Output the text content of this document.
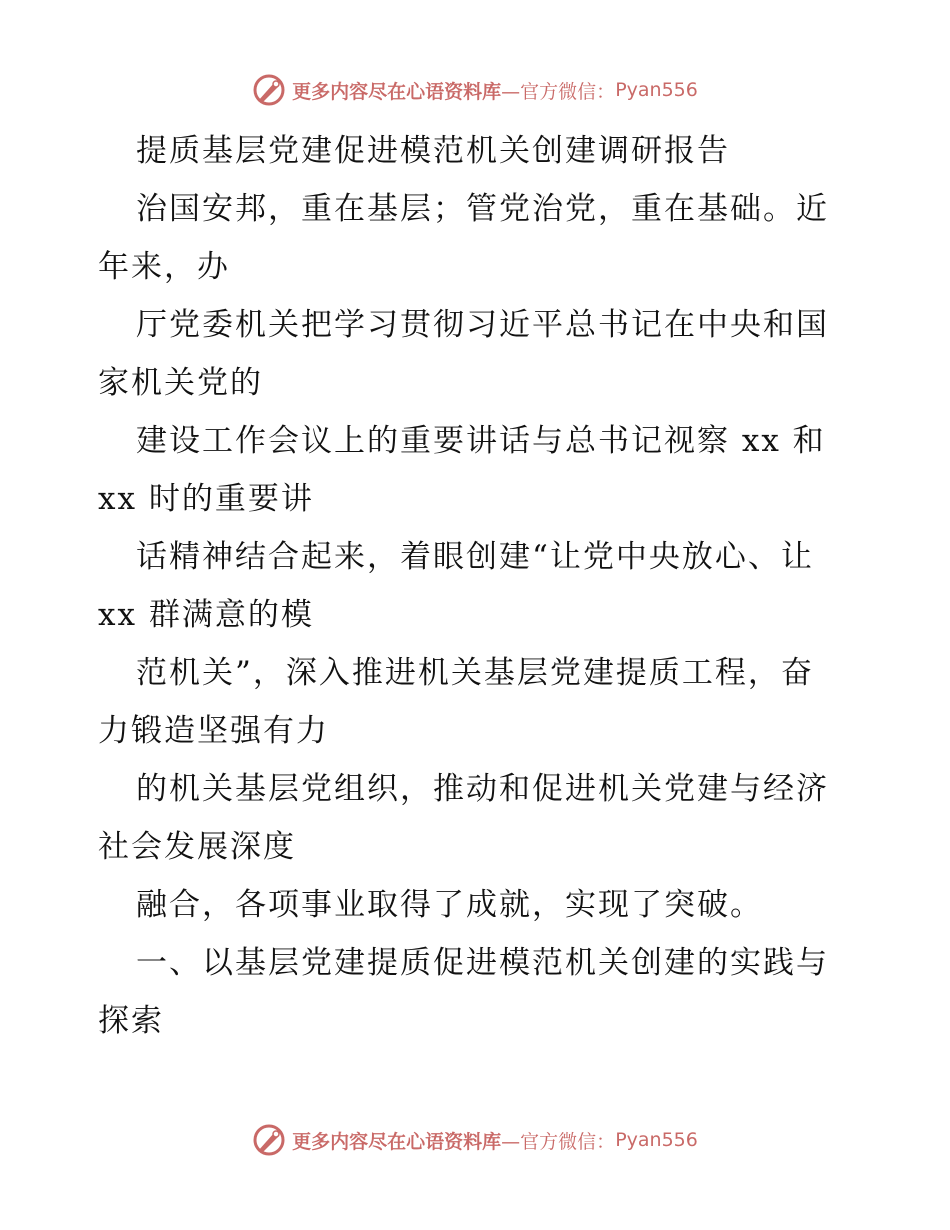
更多内容尽在心语资料库 —官方微信： Pyan556
提质基层党建促进模范机关创建调研报告
治国安邦，重在基层；管党治党，重在基础。近
年来，办
厅党委机关把学习贯彻习近平总书记在中央和国
家机关党的
建设工作会议上的重要讲话与总书记视察 xx 和
xx 时的重要讲
话精神结合起来，着眼创建“让党中央放心、让
xx 群满意的模
范机关”，深入推进机关基层党建提质工程，奋
力锻造坚强有力
的机关基层党组织，推动和促进机关党建与经济
社会发展深度
融合，各项事业取得了成就，实现了突破。
一、以基层党建提质促进模范机关创建的实践与
探索
更多内容尽在心语资料库 —官方微信： Pyan556
